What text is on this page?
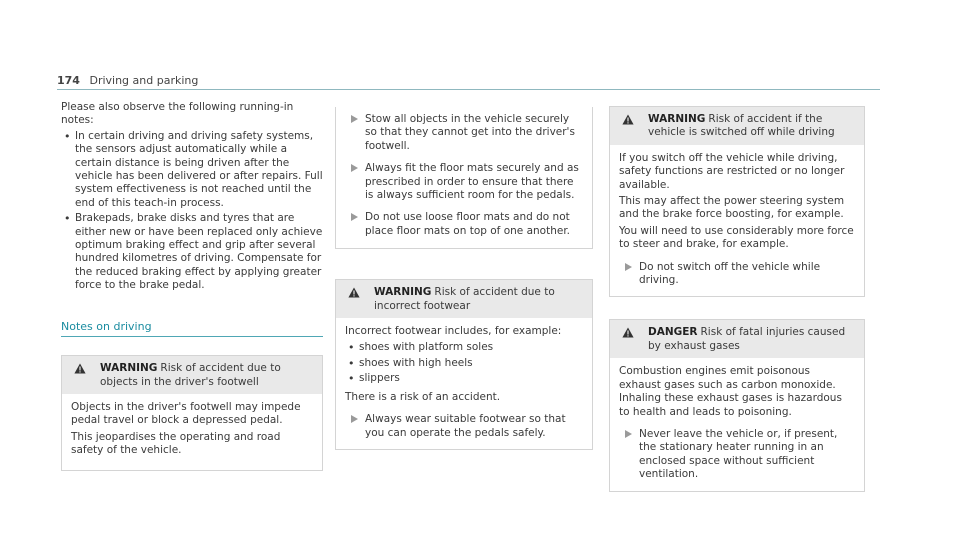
174 Driving and parking

Please also observe the following running-in notes:

• In certain driving and driving safety systems, the sensors adjust automatically while a certain distance is being driven after the vehicle has been delivered or after repairs. Full system effectiveness is not reached until the end of this teach-in process.
• Brakepads, brake disks and tyres that are either new or have been replaced only achieve optimum braking effect and grip after several hundred kilometres of driving. Compensate for the reduced braking effect by applying greater force to the brake pedal.
Notes on driving
WARNING Risk of accident due to objects in the driver's footwell

Objects in the driver's footwell may impede pedal travel or block a depressed pedal.

This jeopardises the operating and road safety of the vehicle.

Stow all objects in the vehicle securely so that they cannot get into the driver's footwell.
Always fit the floor mats securely and as prescribed in order to ensure that there is always sufficient room for the pedals.
Do not use loose floor mats and do not place floor mats on top of one another.
WARNING Risk of accident due to incorrect footwear

Incorrect footwear includes, for example:

• shoes with platform soles
• shoes with high heels
• slippers

There is a risk of an accident.

Always wear suitable footwear so that you can operate the pedals safely.
WARNING Risk of accident if the vehicle is switched off while driving

If you switch off the vehicle while driving, safety functions are restricted or no longer available.

This may affect the power steering system and the brake force boosting, for example.

You will need to use considerably more force to steer and brake, for example.

Do not switch off the vehicle while driving.
DANGER Risk of fatal injuries caused by exhaust gases

Combustion engines emit poisonous exhaust gases such as carbon monoxide. Inhaling these exhaust gases is hazardous to health and leads to poisoning.

Never leave the vehicle or, if present, the stationary heater running in an enclosed space without sufficient ventilation.
